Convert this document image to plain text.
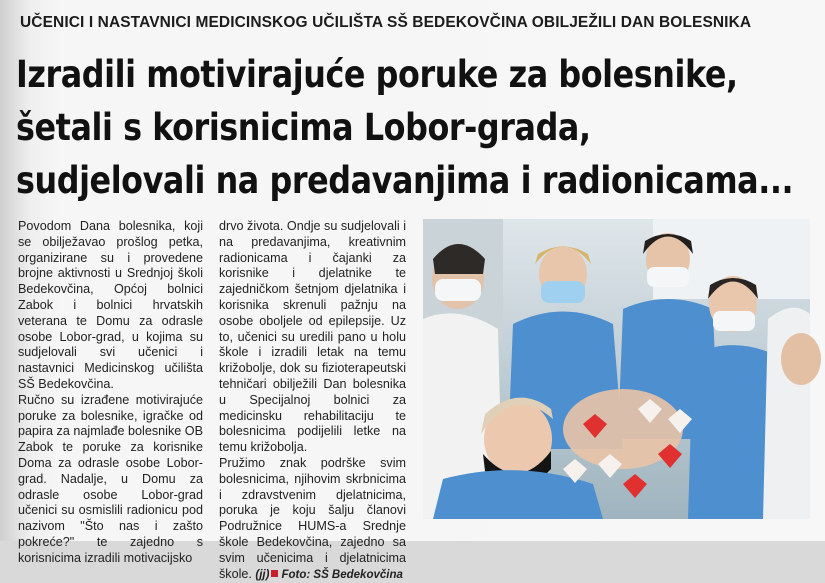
UČENICI I NASTAVNICI MEDICINSKOG UČILIŠTA SŠ BEDEKOVČINA OBILJEŽILI DAN BOLESNIKA
Izradili motivirajuće poruke za bolesnike,
šetali s korisnicima Lobor-grada,
sudjelovali na predavanjima i radionicama...

Povodom Dana bolesnika, koji se obilježavao prošlog petka, organizirane su i provedene brojne aktivnosti u Srednjoj školi Bedekovčina, Općoj bolnici Zabok i bolnici hrvatskih veterana te Domu za odrasle osobe Lobor-grad, u kojima su sudjelovali svi učenici i nastavnici Medicinskog učilišta SŠ Bedekovčina.

Ručno su izrađene motivirajuće poruke za bolesnike, igračke od papira za najmlađe bolesnike OB Zabok te poruke za korisnike Doma za odrasle osobe Lobor-grad. Nadalje, u Domu za odrasle osobe Lobor-grad učenici su osmislili radionicu pod nazivom "Što nas i zašto pokreće?" te zajedno s korisnicima izradili motivacijsko

drvo života. Ondje su sudjelovali i na predavanjima, kreativnim radionicama i čajanki za korisnike i djelatnike te zajedničkom šetnjom djelatnika i korisnika skrenuli pažnju na osobe oboljele od epilepsije. Uz to, učenici su uredili pano u holu škole i izradili letak na temu križobolje, dok su fizioterapeutski tehničari obilježili Dan bolesnika u Specijalnoj bolnici za medicinsku rehabilitaciju te bolesnicima podijelili letke na temu križobolja.

Pružimo znak podrške svim bolesnicima, njihovim skrbnicima i zdravstvenim djelatnicima, poruka je koju šalju članovi Podružnice HUMS-a Srednje škole Bedekovčina, zajedno sa svim učenicima i djelatnicima škole. (jj) Foto: SŠ Bedekovčina
